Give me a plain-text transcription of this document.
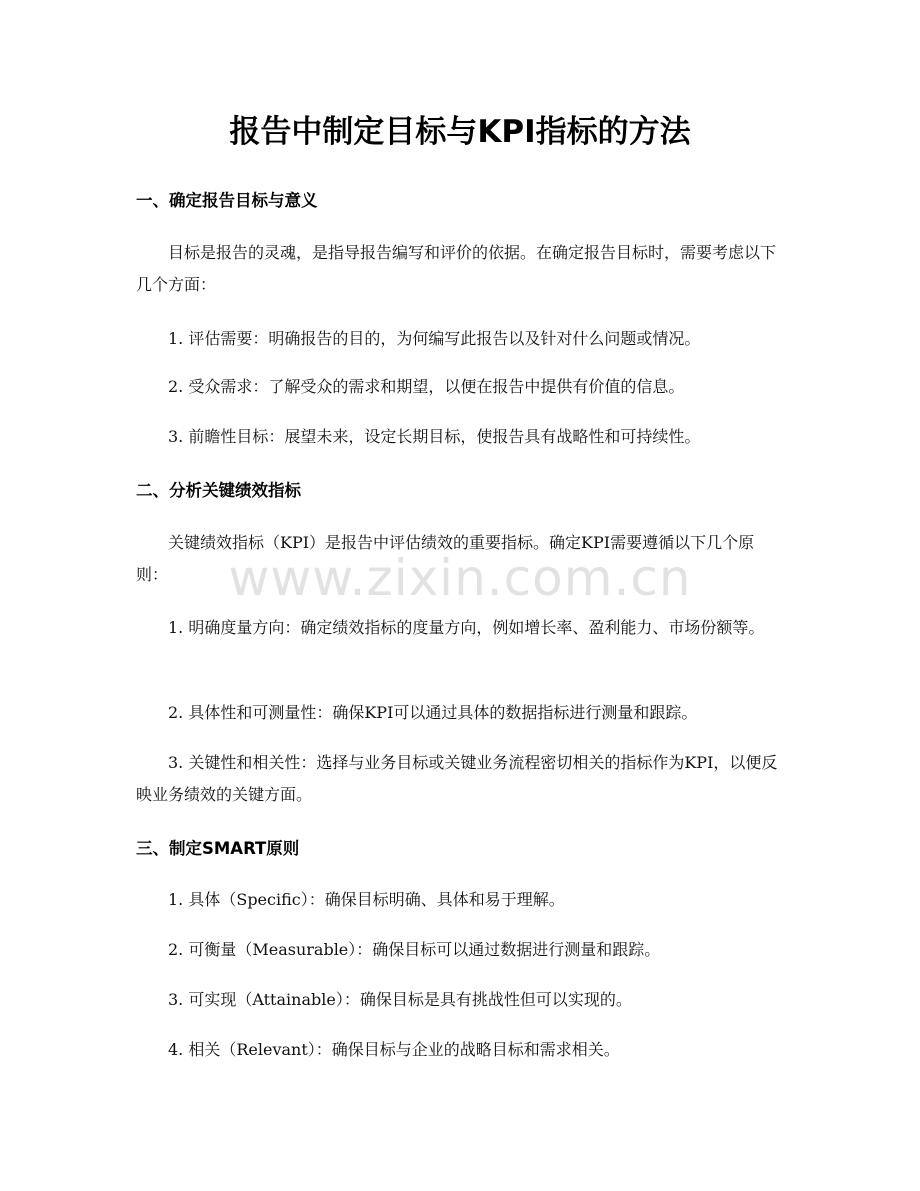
报告中制定目标与KPI指标的方法
一、确定报告目标与意义

目标是报告的灵魂，是指导报告编写和评价的依据。在确定报告目标时，需要考虑以下几个方面：

1. 评估需要：明确报告的目的，为何编写此报告以及针对什么问题或情况。

2. 受众需求：了解受众的需求和期望，以便在报告中提供有价值的信息。

3. 前瞻性目标：展望未来，设定长期目标，使报告具有战略性和可持续性。

二、分析关键绩效指标

关键绩效指标（KPI）是报告中评估绩效的重要指标。确定KPI需要遵循以下几个原则：

1. 明确度量方向：确定绩效指标的度量方向，例如增长率、盈利能力、市场份额等。

2. 具体性和可测量性：确保KPI可以通过具体的数据指标进行测量和跟踪。

3. 关键性和相关性：选择与业务目标或关键业务流程密切相关的指标作为KPI，以便反映业务绩效的关键方面。

三、制定SMART原则

1. 具体（Specific）：确保目标明确、具体和易于理解。

2. 可衡量（Measurable）：确保目标可以通过数据进行测量和跟踪。

3. 可实现（Attainable）：确保目标是具有挑战性但可以实现的。

4. 相关（Relevant）：确保目标与企业的战略目标和需求相关。

www.zixin.com.cn
